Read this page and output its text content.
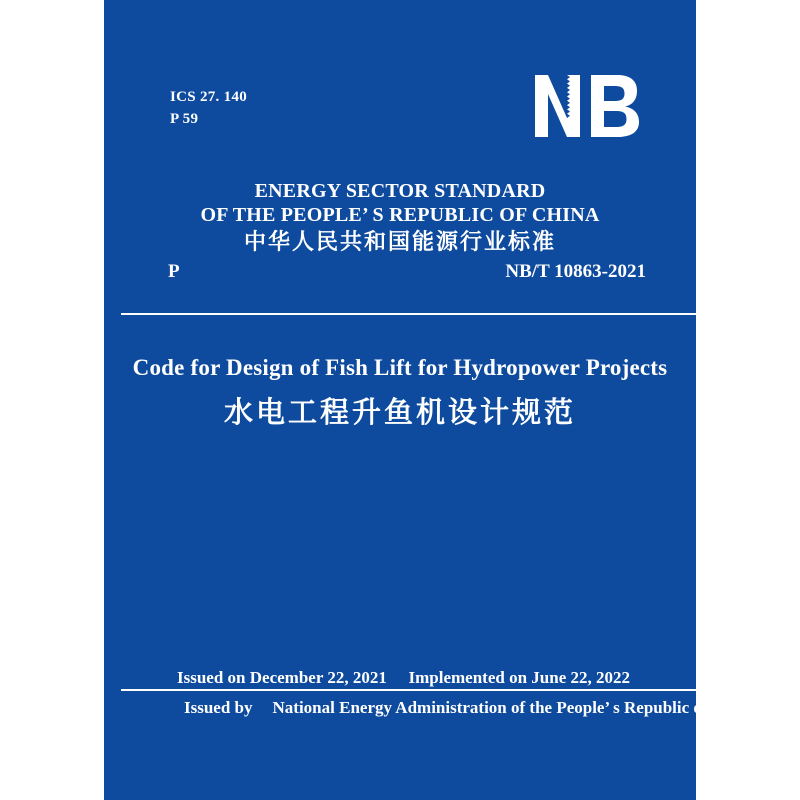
ICS 27. 140
P 59
ENERGY SECTOR STANDARD
OF THE PEOPLE’ S REPUBLIC OF CHINA
中华人民共和国能源行业标准
P	NB/T 10863-2021
Code for Design of Fish Lift for Hydropower Projects
水电工程升鱼机设计规范
Issued on December 22, 2021 Implemented on June 22, 2022
Issued by National Energy Administration of the People’ s Republic of China
